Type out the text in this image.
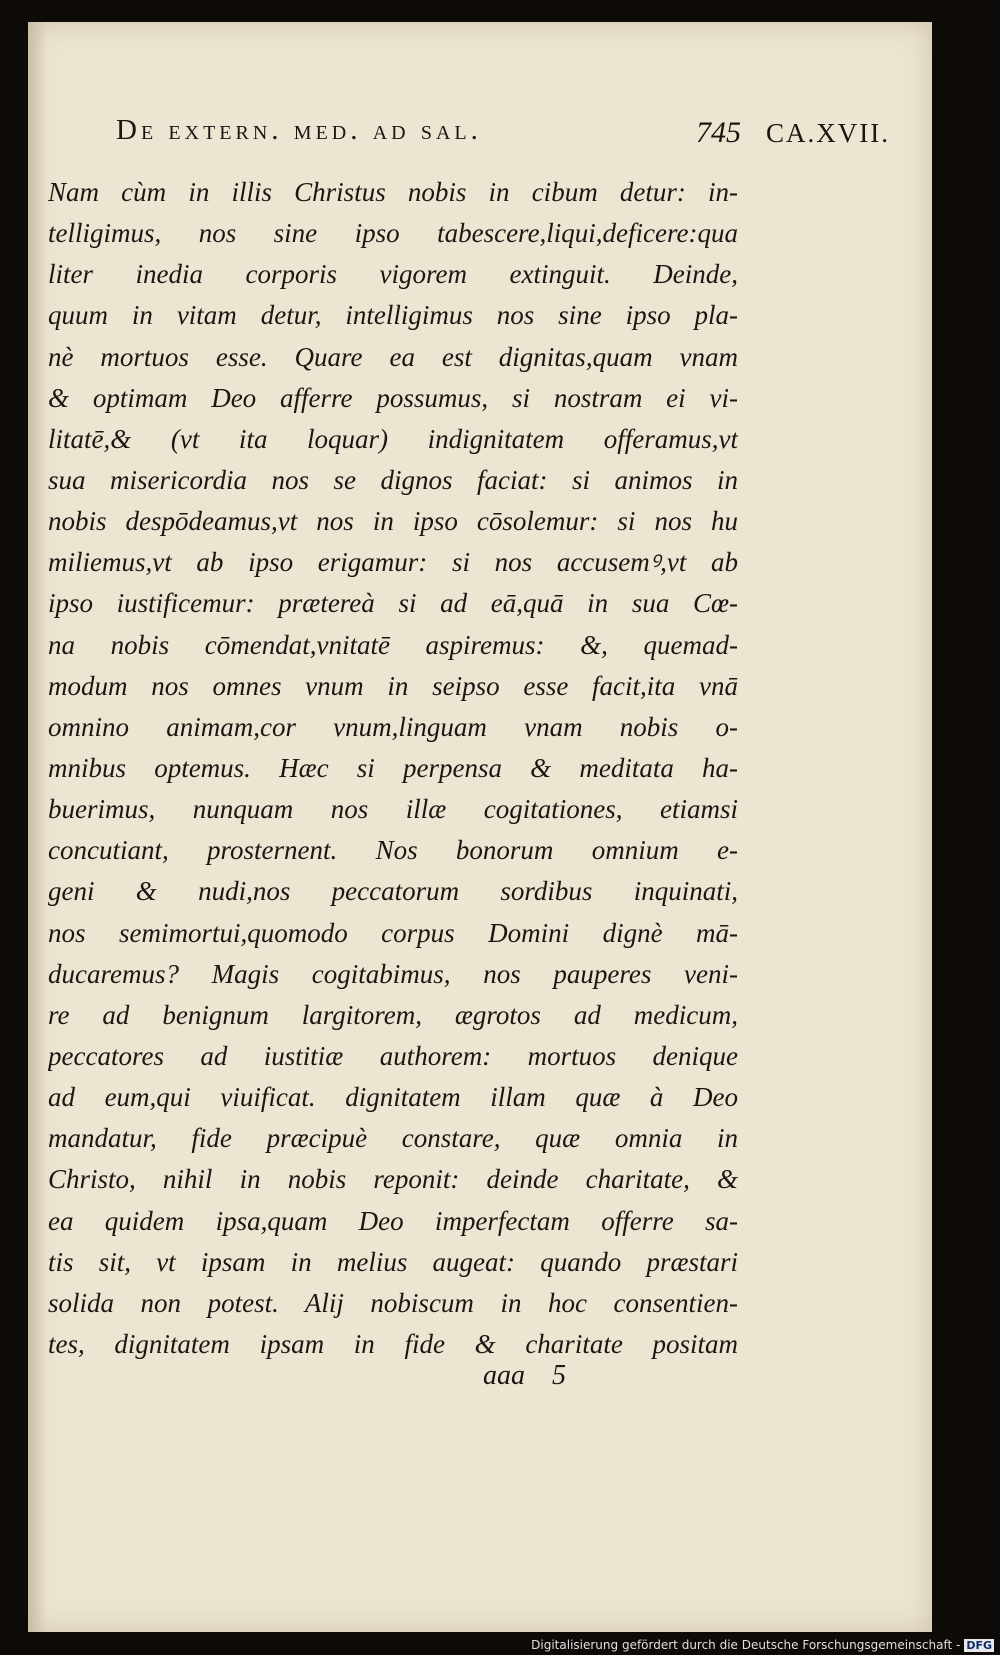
De extern. med. ad sal.	745 CA.XVII.
Nam cùm in illis Christus nobis in cibum detur: in-
telligimus, nos sine ipso tabescere,liqui,deficere:qua
liter inedia corporis vigorem extinguit. Deinde,
quum in vitam detur, intelligimus nos sine ipso pla-
nè mortuos esse. Quare ea est dignitas,quam vnam
& optimam Deo afferre possumus, si nostram ei vi-
litatē,& (vt ita loquar) indignitatem offeramus,vt
sua misericordia nos se dignos faciat: si animos in
nobis despōdeamus,vt nos in ipso cōsolemur: si nos hu
miliemus,vt ab ipso erigamur: si nos accusemꝰ,vt ab
ipso iustificemur: prætereà si ad eā,quā in sua Cœ-
na nobis cōmendat,vnitatē aspiremus: &, quemad-
modum nos omnes vnum in seipso esse facit,ita vnā
omnino animam,cor vnum,linguam vnam nobis o-
mnibus optemus. Hæc si perpensa & meditata ha-
buerimus, nunquam nos illæ cogitationes, etiamsi
concutiant, prosternent. Nos bonorum omnium e-
geni & nudi,nos peccatorum sordibus inquinati,
nos semimortui,quomodo corpus Domini dignè mā-
ducaremus? Magis cogitabimus, nos pauperes veni-
re ad benignum largitorem, ægrotos ad medicum,
peccatores ad iustitiæ authorem: mortuos denique
ad eum,qui viuificat. dignitatem illam quæ à Deo
mandatur, fide præcipuè constare, quæ omnia in
Christo, nihil in nobis reponit: deinde charitate, &
ea quidem ipsa,quam Deo imperfectam offerre sa-
tis sit, vt ipsam in melius augeat: quando præstari
solida non potest. Alij nobiscum in hoc consentien-
tes, dignitatem ipsam in fide & charitate positam
aaa 5
Digitalisierung gefördert durch die Deutsche Forschungsgemeinschaft - DFG
